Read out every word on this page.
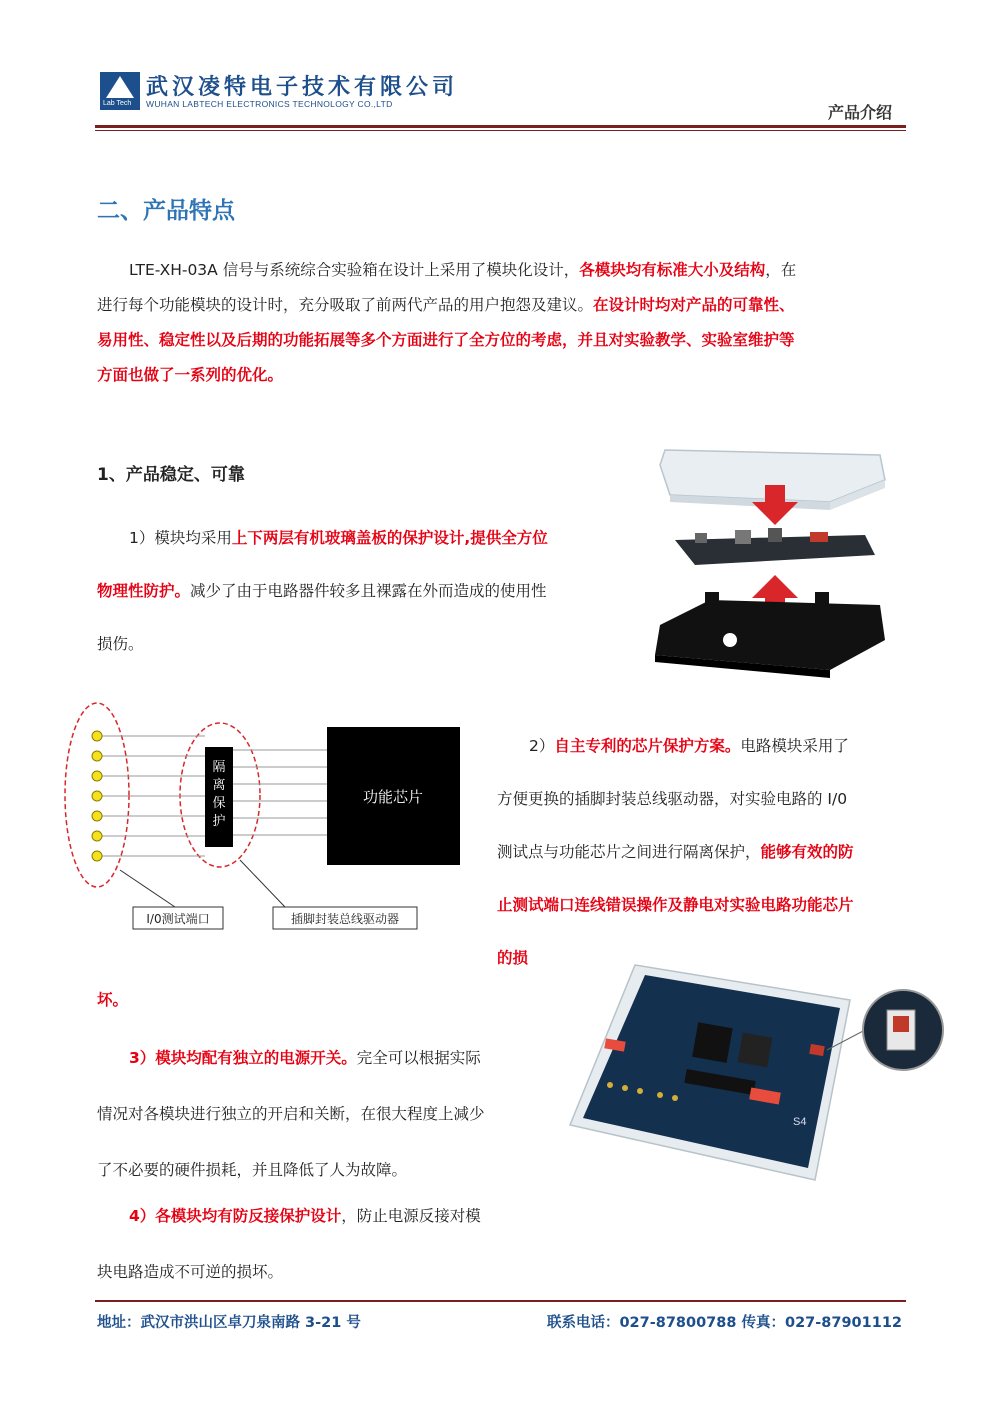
Lab Tech
武汉凌特电子技术有限公司
WUHAN LABTECH ELECTRONICS TECHNOLOGY CO.,LTD	产品介绍
二、产品特点
LTE-XH-03A 信号与系统综合实验箱在设计上采用了模块化设计，各模块均有标准大小及结构，在
进行每个功能模块的设计时，充分吸取了前两代产品的用户抱怨及建议。在设计时均对产品的可靠性、
易用性、稳定性以及后期的功能拓展等多个方面进行了全方位的考虑，并且对实验教学、实验室维护等
方面也做了一系列的优化。
1、产品稳定、可靠
1）模块均采用上下两层有机玻璃盖板的保护设计,提供全方位
物理性防护。减少了由于电路器件较多且裸露在外而造成的使用性
损伤。
隔
离
保
护
功能芯片
I/0测试端口	插脚封装总线驱动器
2）自主专利的芯片保护方案。电路模块采用了
方便更换的插脚封装总线驱动器，对实验电路的 I/0
测试点与功能芯片之间进行隔离保护，能够有效的防
止测试端口连线错误操作及静电对实验电路功能芯片
的损
坏。
S4
3）模块均配有独立的电源开关。完全可以根据实际
情况对各模块进行独立的开启和关断，在很大程度上减少
了不必要的硬件损耗，并且降低了人为故障。
4）各模块均有防反接保护设计，防止电源反接对模
块电路造成不可逆的损坏。
地址：武汉市洪山区卓刀泉南路 3-21 号	联系电话：027-87800788 传真：027-87901112
